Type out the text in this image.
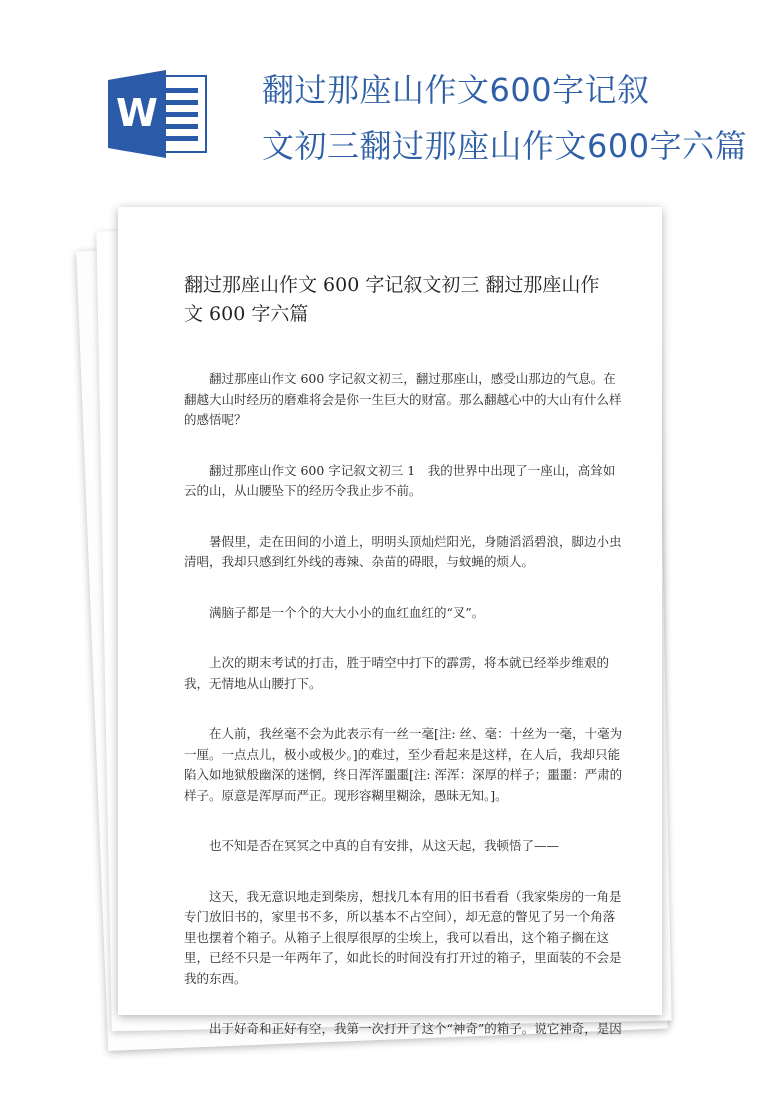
W
翻过那座山作文600字记叙
文初三翻过那座山作文600字六篇
翻过那座山作文 600 字记叙文初三 翻过那座山作
文 600 字六篇

翻过那座山作文 600 字记叙文初三，翻过那座山，感受山那边的气息。在翻越大山时经历的磨难将会是你一生巨大的财富。那么翻越心中的大山有什么样的感悟呢？

翻过那座山作文 600 字记叙文初三 1　我的世界中出现了一座山，高耸如云的山，从山腰坠下的经历令我止步不前。

暑假里，走在田间的小道上，明明头顶灿烂阳光，身随滔滔碧浪，脚边小虫清唱，我却只感到红外线的毒辣、杂苗的碍眼，与蚊蝇的烦人。

满脑子都是一个个的大大小小的血红血红的“叉”。

上次的期末考试的打击，胜于晴空中打下的霹雳，将本就已经举步维艰的我，无情地从山腰打下。

在人前，我丝毫不会为此表示有一丝一毫[注: 丝、毫：十丝为一毫，十毫为一厘。一点点儿，极小或极少。]的难过，至少看起来是这样，在人后，我却只能陷入如地狱般幽深的迷惘，终日浑浑噩噩[注: 浑浑：深厚的样子；噩噩：严肃的样子。原意是浑厚而严正。现形容糊里糊涂，愚昧无知。]。

也不知是否在冥冥之中真的自有安排，从这天起，我顿悟了——

这天，我无意识地走到柴房，想找几本有用的旧书看看（我家柴房的一角是专门放旧书的，家里书不多，所以基本不占空间），却无意的瞥见了另一个角落里也摆着个箱子。从箱子上很厚很厚的尘埃上，我可以看出，这个箱子搁在这里，已经不只是一年两年了，如此长的时间没有打开过的箱子，里面装的不会是我的东西。

出于好奇和正好有空，我第一次打开了这个“神奇”的箱子。说它神奇，是因
